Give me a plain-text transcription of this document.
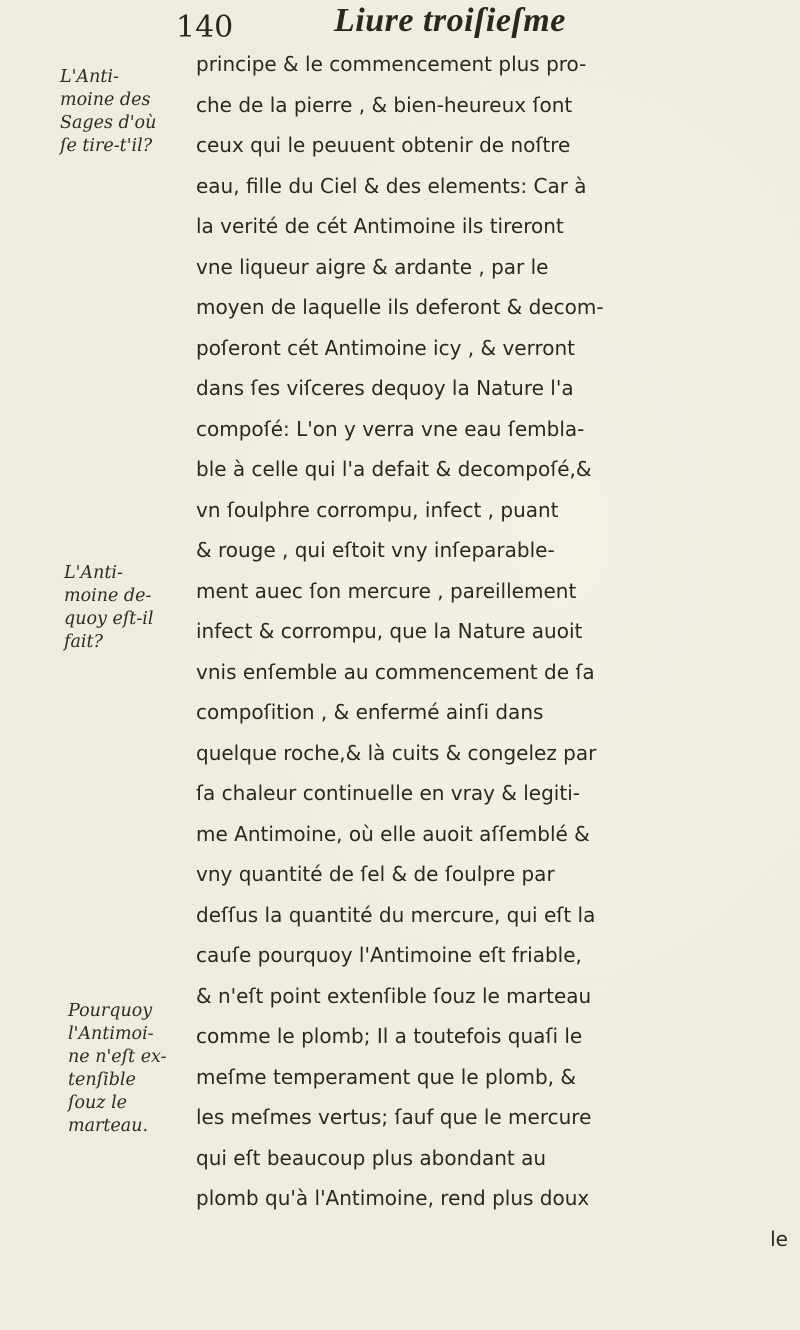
140	Liure troiſieſme
L'Anti-
moine des
Sages d'où
ſe tire-t'il?
L'Anti-
moine de-
quoy eſt-il
fait?
Pourquoy
l'Antimoi-
ne n'eſt ex-
tenſible
ſouz le
marteau.
principe & le commencement plus pro-
che de la pierre , & bien-heureux ſont
ceux qui le peuuent obtenir de noſtre
eau, fille du Ciel & des elements: Car à
la verité de cét Antimoine ils tireront
vne liqueur aigre & ardante , par le
moyen de laquelle ils deferont & decom-
poſeront cét Antimoine icy , & verront
dans ſes viſceres dequoy la Nature l'a
compoſé: L'on y verra vne eau ſembla-
ble à celle qui l'a defait & decompoſé,&
vn ſoulphre corrompu, infect , puant
& rouge , qui eſtoit vny inſeparable-
ment auec ſon mercure , pareillement
infect & corrompu, que la Nature auoit
vnis enſemble au commencement de ſa
compoſition , & enfermé ainſi dans
quelque roche,& là cuits & congelez par
ſa chaleur continuelle en vray & legiti-
me Antimoine, où elle auoit aſſemblé &
vny quantité de ſel & de ſoulpre par
deſſus la quantité du mercure, qui eſt la
cauſe pourquoy l'Antimoine eſt friable,
& n'eſt point extenſible ſouz le marteau
comme le plomb; Il a toutefois quaſi le
meſme temperament que le plomb, &
les meſmes vertus; ſauf que le mercure
qui eſt beaucoup plus abondant au
plomb qu'à l'Antimoine, rend plus doux
le
